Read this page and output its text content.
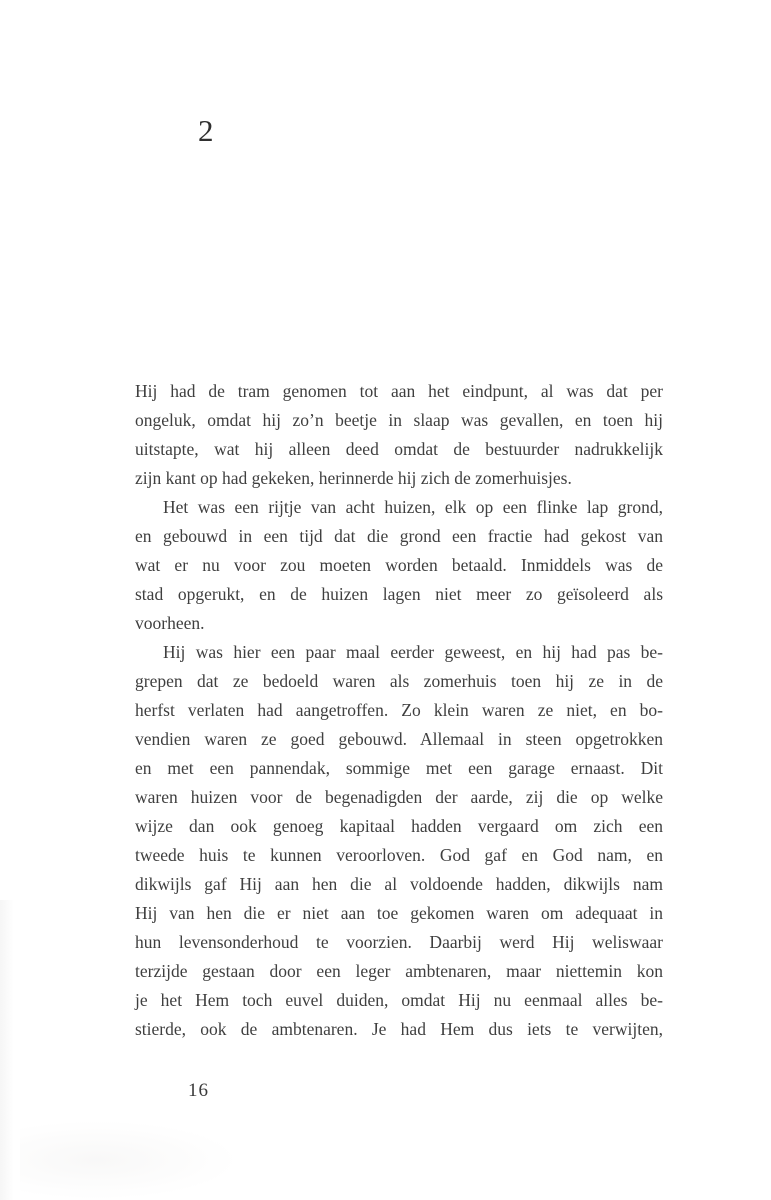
2
Hij had de tram genomen tot aan het eindpunt, al was dat per
ongeluk, omdat hij zo’n beetje in slaap was gevallen, en toen hij
uitstapte, wat hij alleen deed omdat de bestuurder nadrukkelijk
zijn kant op had gekeken, herinnerde hij zich de zomerhuisjes.
Het was een rijtje van acht huizen, elk op een flinke lap grond,
en gebouwd in een tijd dat die grond een fractie had gekost van
wat er nu voor zou moeten worden betaald. Inmiddels was de
stad opgerukt, en de huizen lagen niet meer zo geïsoleerd als
voorheen.
Hij was hier een paar maal eerder geweest, en hij had pas be-
grepen dat ze bedoeld waren als zomerhuis toen hij ze in de
herfst verlaten had aangetroffen. Zo klein waren ze niet, en bo-
vendien waren ze goed gebouwd. Allemaal in steen opgetrokken
en met een pannendak, sommige met een garage ernaast. Dit
waren huizen voor de begenadigden der aarde, zij die op welke
wijze dan ook genoeg kapitaal hadden vergaard om zich een
tweede huis te kunnen veroorloven. God gaf en God nam, en
dikwijls gaf Hij aan hen die al voldoende hadden, dikwijls nam
Hij van hen die er niet aan toe gekomen waren om adequaat in
hun levensonderhoud te voorzien. Daarbij werd Hij weliswaar
terzijde gestaan door een leger ambtenaren, maar niettemin kon
je het Hem toch euvel duiden, omdat Hij nu eenmaal alles be-
stierde, ook de ambtenaren. Je had Hem dus iets te verwijten,
16
